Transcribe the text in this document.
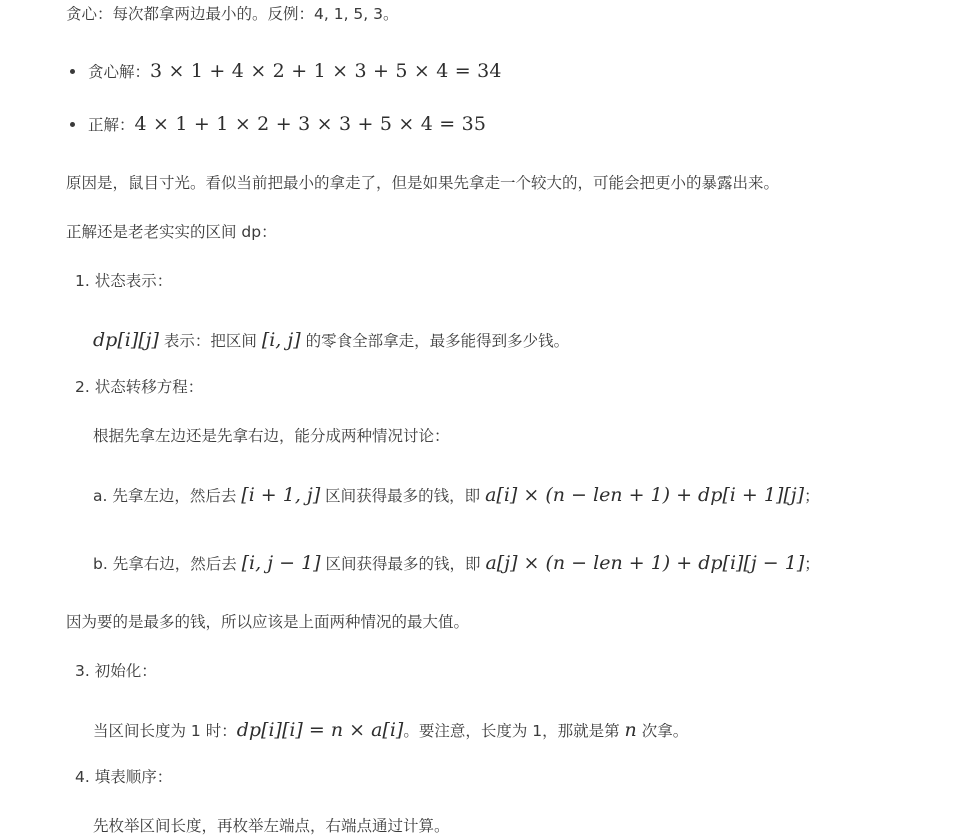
贪心：每次都拿两边最小的。反例：4, 1, 5, 3。
贪心解：3 × 1 + 4 × 2 + 1 × 3 + 5 × 4 = 34
正解：4 × 1 + 1 × 2 + 3 × 3 + 5 × 4 = 35
原因是，鼠目寸光。看似当前把最小的拿走了，但是如果先拿走一个较大的，可能会把更小的暴露出来。
正解还是老老实实的区间 dp：
1. 状态表示：
dp[i][j] 表示：把区间 [i, j] 的零食全部拿走，最多能得到多少钱。
2. 状态转移方程：
根据先拿左边还是先拿右边，能分成两种情况讨论：
a. 先拿左边，然后去 [i + 1, j] 区间获得最多的钱，即 a[i] × (n − len + 1) + dp[i + 1][j]；
b. 先拿右边，然后去 [i, j − 1] 区间获得最多的钱，即 a[j] × (n − len + 1) + dp[i][j − 1]；
因为要的是最多的钱，所以应该是上面两种情况的最大值。
3. 初始化：
当区间长度为 1 时：dp[i][i] = n × a[i]。要注意，长度为 1，那就是第 n 次拿。
4. 填表顺序：
先枚举区间长度，再枚举左端点，右端点通过计算。
